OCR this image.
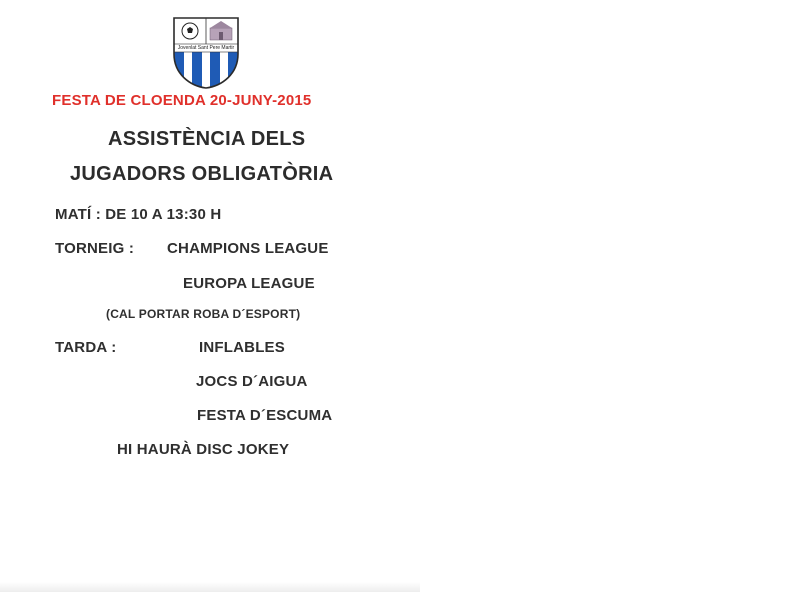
Jovenlat Sant Pere Martir
FESTA DE CLOENDA 20-JUNY-2015
ASSISTÈNCIA DELS
JUGADORS OBLIGATÒRIA
MATÍ : DE 10 A 13:30 H
TORNEIG : CHAMPIONS LEAGUE
EUROPA LEAGUE
(CAL PORTAR ROBA D´ESPORT)
TARDA :	INFLABLES
JOCS D´AIGUA
FESTA D´ESCUMA
HI HAURÀ DISC JOKEY
